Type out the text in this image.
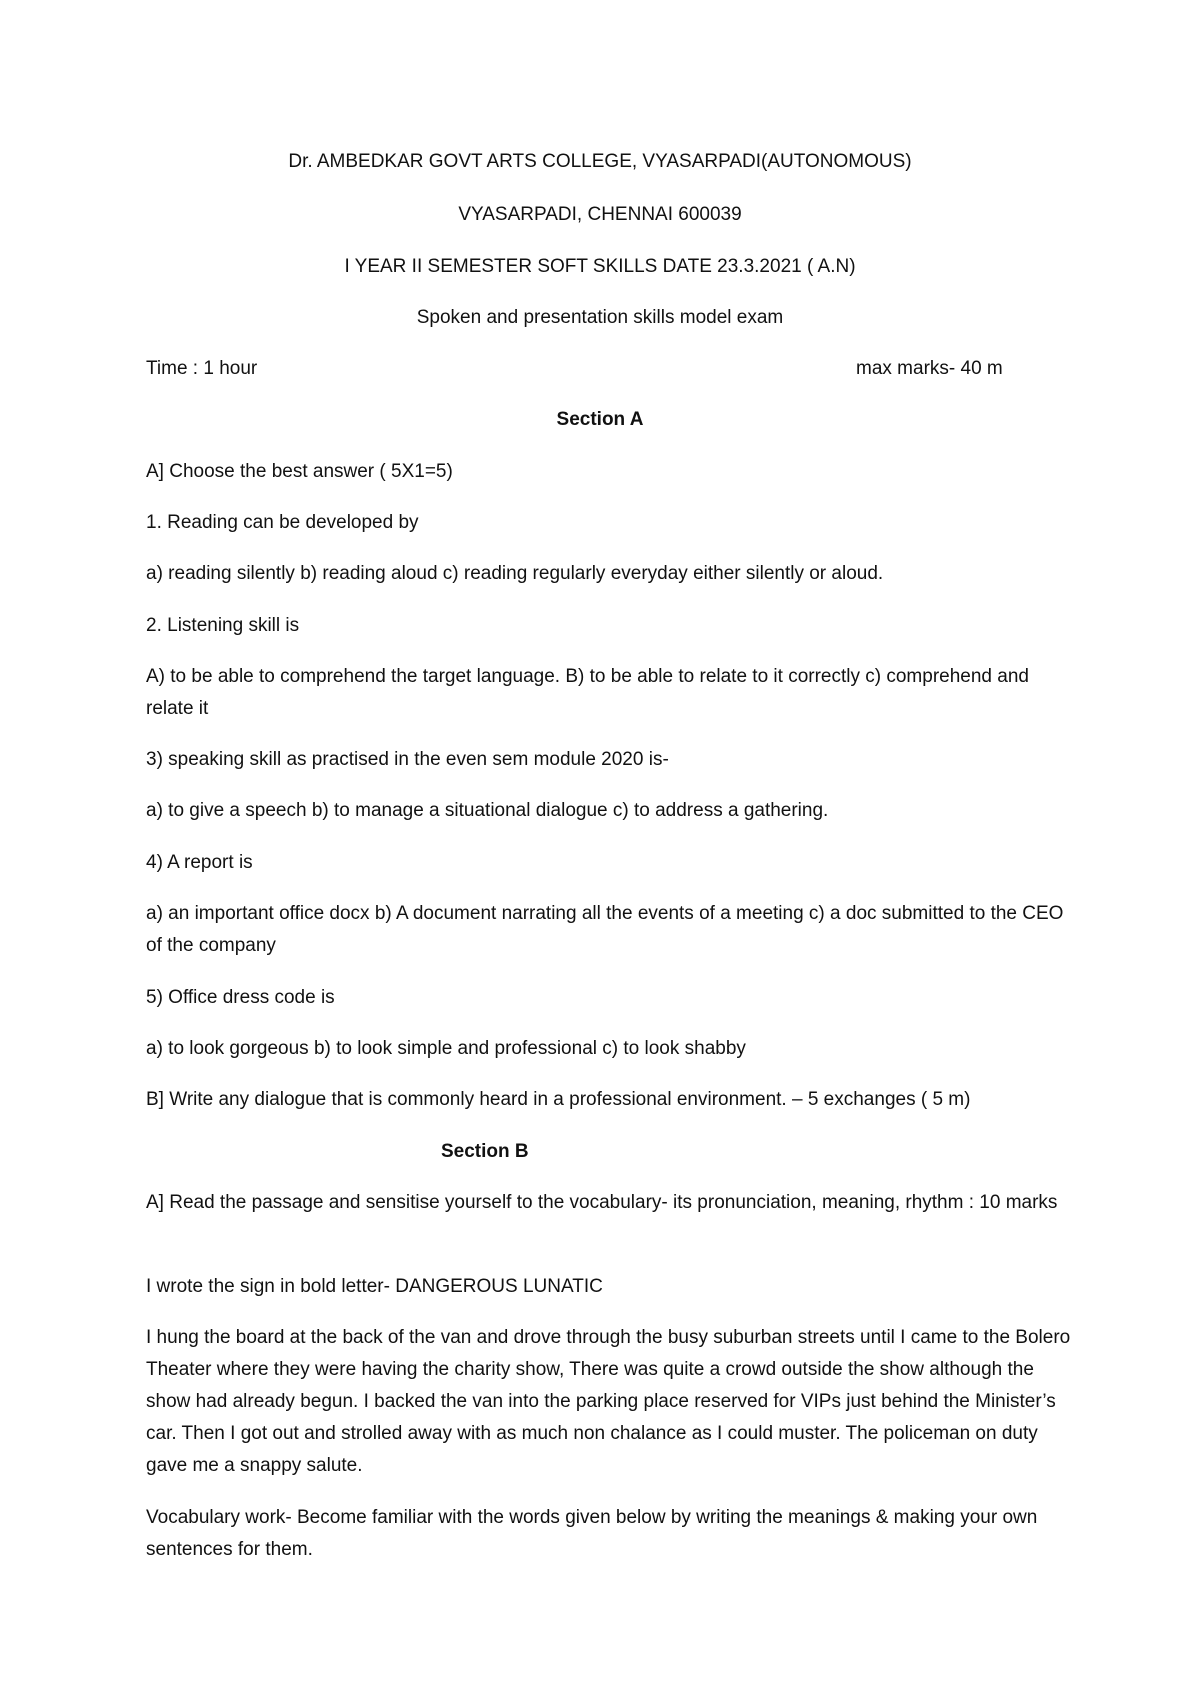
Dr. AMBEDKAR GOVT ARTS COLLEGE, VYASARPADI(AUTONOMOUS)
VYASARPADI, CHENNAI 600039
I YEAR II SEMESTER SOFT SKILLS DATE 23.3.2021 ( A.N)
Spoken and presentation skills model exam
Time : 1 hour	max marks- 40 m
Section A
A] Choose the best answer ( 5X1=5)
1. Reading can be developed by
a) reading silently b) reading aloud c) reading regularly everyday either silently or aloud.
2. Listening skill is
A) to be able to comprehend the target language. B) to be able to relate to it correctly c) comprehend and relate it
3) speaking skill as practised in the even sem module 2020 is-
a) to give a speech b) to manage a situational dialogue c) to address a gathering.
4) A report is
a) an important office docx b) A document narrating all the events of a meeting c) a doc submitted to the CEO of the company
5) Office dress code is
a) to look gorgeous b) to look simple and professional c) to look shabby
B] Write any dialogue that is commonly heard in a professional environment. – 5 exchanges ( 5 m)
Section B
A] Read the passage and sensitise yourself to the vocabulary- its pronunciation, meaning, rhythm : 10 marks
I wrote the sign in bold letter- DANGEROUS LUNATIC
I hung the board at the back of the van and drove through the busy suburban streets until I came to the Bolero Theater where they were having the charity show, There was quite a crowd outside the show although the show had already begun. I backed the van into the parking place reserved for VIPs just behind the Minister’s car. Then I got out and strolled away with as much non chalance as I could muster. The policeman on duty gave me a snappy salute.
Vocabulary work- Become familiar with the words given below by writing the meanings & making your own sentences for them.
